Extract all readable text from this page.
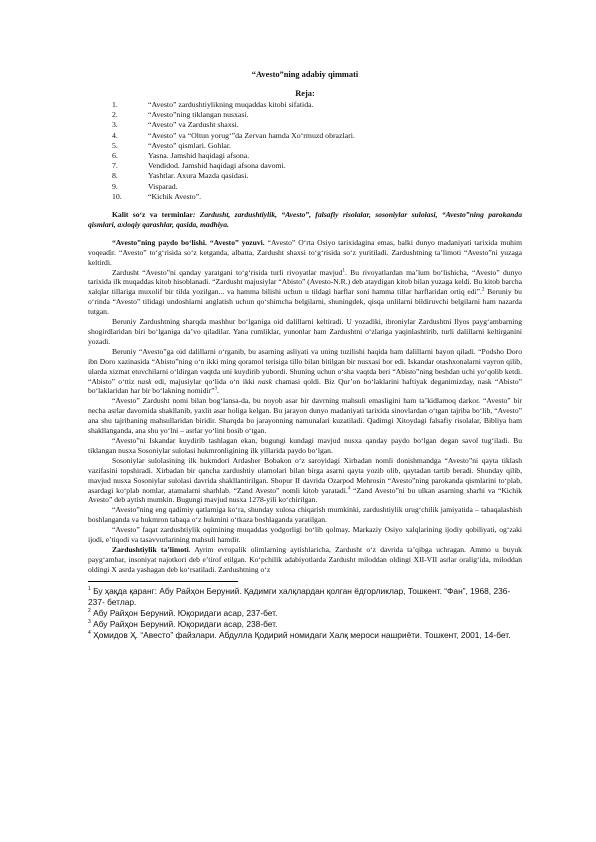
“Avesto”ning adabiy qimmati
Reja:
1.	“Avesto” zardushtiylikning muqaddas kitobi sifatida.
2.	“Avesto”ning tiklangan nusxasi.
3.	“Avesto” va Zardusht shaxsi.
4.	“Avesto” va “Oltun yorug‘”da Zervan hamda Xo‘rmuzd obrazlari.
5.	“Avesto” qismlari. Gohlar.
6.	Yasna. Jamshid haqidagi afsona.
7.	Vendidod. Jamshid haqidagi afsona davomi.
8.	Yashtlar. Axura Mazda qasidasi.
9.	Visparad.
10.	“Kichik Avesto”.

Kalit so‘z va terminlar: Zardusht, zardushtiylik, “Avesto”, falsafiy risolalar, sosoniylar sulolasi, “Avesto”ning parokanda qismlari, axloqiy qarashlar, qasida, madhiya.

“Avesto”ning paydo bo‘lishi. “Avesto” yozuvi. “Avesto” O‘rta Osiyo tarixidagina emas, balki dunyo madaniyati tarixida muhim voqeadir. “Avesto” to‘g‘risida so‘z ketganda, albatta, Zardusht shaxsi to‘g‘risida so‘z yuritiladi. Zardushtning ta’limoti “Avesto”ni yuzaga keltirdi.

Zardusht “Avesto”ni qanday yaratgani to‘g‘risida turli rivoyatlar mavjud$^1$. Bu rivoyatlardan ma’lum bo‘lishicha, “Avesto” dunyo tarixida ilk muqaddas kitob hisoblanadi. “Zardusht majusiylar “Abisto” (Avesto-N.R.) deb ataydigan kitob bilan yuzaga keldi. Bu kitob barcha xalqlar tillariga muxolif bir tilda yozilgan... va hamma bilishi uchun u tildagi harflar soni hamma tillar harflaridan ortiq edi”.$^2$ Beruniy bu o‘rinda “Avesto” tilidagi undoshlarni anglatish uchun qo‘shimcha belgilarni, shuningdek, qisqa unlilarni bildiruvchi belgilarni ham nazarda tutgan.

Beruniy Zardushtning sharqda mashhur bo‘lganiga oid dalillarni keltiradi. U yozadiki, ibroniylar Zardushtni Ilyos payg‘ambarning shogirdlaridan biri bo‘lganiga da’vo qiladilar. Yana rumliklar, yunonlar ham Zardushtni o‘zlariga yaqinlashtirib, turli dalillarni keltirganini yozadi.

Beruniy “Avesto”ga oid dalillarni o‘rganib, bu asarning asliyati va uning tuzilishi haqida ham dalillarni bayon qiladi. “Podsho Doro ibn Doro xazinasida “Abisto”ning o‘n ikki ming qoramol terisiga tillo bilan bitilgan bir nusxasi bor edi. Iskandar otashxonalarni vayron qilib, ularda xizmat etuvchilarni o‘ldirgan vaqtda uni kuydirib yubordi. Shuning uchun o‘sha vaqtda beri “Abisto”ning beshdan uchi yo‘qolib ketdi. “Abisto” o‘ttiz nask edi, majusiylar qo‘lida o‘n ikki nask chamasi qoldi. Biz Qur’on bo‘laklarini haftiyak deganimizday, nask “Abisto” bo‘laklaridan har bir bo‘lakning nomidir”$^3$.

“Avesto” Zardusht nomi bilan bog‘lansa-da, bu noyob asar bir davrning mahsuli emasligini ham ta’kidlamoq darkor. “Avesto” bir necha asrlar davomida shakllanib, yaxlit asar holiga kelgan. Bu jarayon dunyo madaniyati tarixida sinovlardan o‘tgan tajriba bo‘lib, “Avesto” ana shu tajribaning mahsullaridan biridir. Sharqda bu jarayonning namunalari kuzatiladi. Qadimgi Xitoydagi falsafiy risolalar, Bibliya ham shakllanganda, ana shu yo‘lni – asrlar yo‘lini bosib o‘tgan.

“Avesto”ni Iskandar kuydirib tashlagan ekan, bugungi kundagi mavjud nusxa qanday paydo bo‘lgan degan savol tug‘iladi. Bu tiklangan nusxa Sosoniylar sulolasi hukmronligining ilk yillarida paydo bo‘lgan.

Sosoniylar sulolasining ilk hukmdori Ardasher Bobakon o‘z saroyidagi Xirbadan nomli donishmandga “Avesto”ni qayta tiklash vazifasini topshiradi. Xirbadan bir qancha zardushtiy ulamolari bilan birga asarni qayta yozib olib, qaytadan tartib beradi. Shunday qilib, mavjud nusxa Sosoniylar sulolasi davrida shakllantirilgan. Shopur II davrida Ozarpod Mehrosin “Avesto”ning parokanda qismlarini to‘plab, asardagi ko‘plab nomlar, atamalarni sharhlab. “Zand Avesto” nomli kitob yaratadi.$^4$ “Zand Avesto”ni bu ulkan asarning sharhi va “Kichik Avesto” deb aytish mumkin. Bugungi mavjud nusxa 1278-yili ko‘chirilgan.

“Avesto”ning eng qadimiy qatlamiga ko‘ra, shunday xulosa chiqarish mumkinki, zardushtiylik urug‘chilik jamiyatida – tabaqalashish boshlanganda va hukmron tabaqa o‘z hukmini o‘tkaza boshlaganda yaratilgan.

“Avesto” faqat zardushtiylik oqimining muqaddas yodgorligi bo‘lib qolmay, Markaziy Osiyo xalqlarining ijodiy qobiliyati, og‘zaki ijodi, e’tiqodi va tasavvurlarining mahsuli hamdir.

Zardushtiylik ta’limoti. Ayrim evropalik olimlarning aytishlaricha, Zardusht o‘z davrida ta’qibga uchragan. Ammo u buyuk payg‘ambar, insoniyat najotkori deb e’tirof etilgan. Ko‘pchilik adabiyotlarda Zardusht miloddan oldingi XII-VII asrlar oralig‘ida, miloddan oldingi X asrda yashagan deb ko‘rsatiladi. Zardushtning o‘z

$^1$ Бу ҳақда қаранг: Абу Райҳон Беруний. Қадимги халқлардан қолган ёдгорликлар, Тошкент. “Фан”, 1968, 236-237- бетлар.
$^2$ Абу Райҳон Беруний. Юқоридаги асар, 237-бет.
$^3$ Абу Райҳон Беруний. Юқоридаги асар, 238-бет.
$^4$ Ҳомидов Ҳ. “Авесто” файзлари. Абдулла Қодирий номидаги Халқ мероси нашриёти. Тошкент, 2001, 14-бет.
